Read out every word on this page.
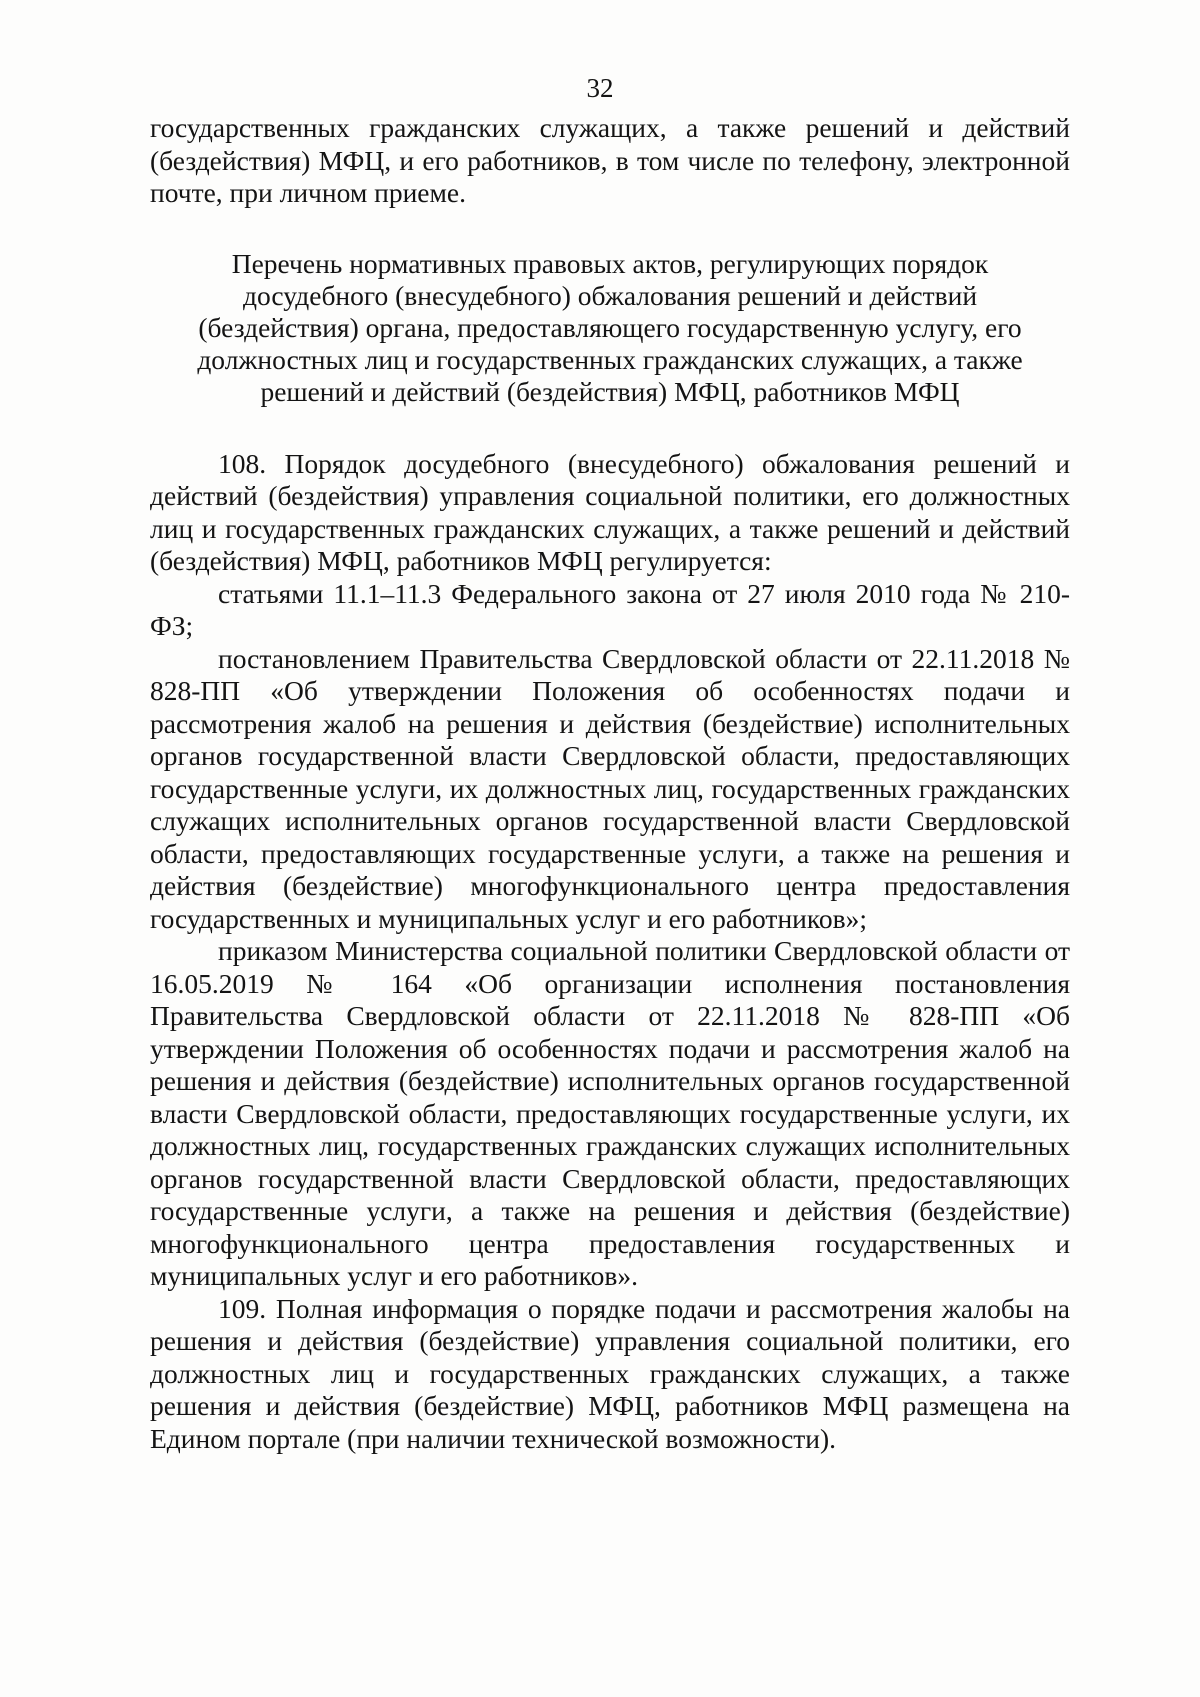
32

государственных гражданских служащих, а также решений и действий (бездействия) МФЦ, и его работников, в том числе по телефону, электронной почте, при личном приеме.

Перечень нормативных правовых актов, регулирующих порядок досудебного (внесудебного) обжалования решений и действий (бездействия) органа, предоставляющего государственную услугу, его должностных лиц и государственных гражданских служащих, а также решений и действий (бездействия) МФЦ, работников МФЦ

108. Порядок досудебного (внесудебного) обжалования решений и действий (бездействия) управления социальной политики, его должностных лиц и государственных гражданских служащих, а также решений и действий (бездействия) МФЦ, работников МФЦ регулируется:

статьями 11.1–11.3 Федерального закона от 27 июля 2010 года № 210-ФЗ;

постановлением Правительства Свердловской области от 22.11.2018 № 828-ПП «Об утверждении Положения об особенностях подачи и рассмотрения жалоб на решения и действия (бездействие) исполнительных органов государственной власти Свердловской области, предоставляющих государственные услуги, их должностных лиц, государственных гражданских служащих исполнительных органов государственной власти Свердловской области, предоставляющих государственные услуги, а также на решения и действия (бездействие) многофункционального центра предоставления государственных и муниципальных услуг и его работников»;

приказом Министерства социальной политики Свердловской области от 16.05.2019 № 164 «Об организации исполнения постановления Правительства Свердловской области от 22.11.2018 № 828-ПП «Об утверждении Положения об особенностях подачи и рассмотрения жалоб на решения и действия (бездействие) исполнительных органов государственной власти Свердловской области, предоставляющих государственные услуги, их должностных лиц, государственных гражданских служащих исполнительных органов государственной власти Свердловской области, предоставляющих государственные услуги, а также на решения и действия (бездействие) многофункционального центра предоставления государственных и муниципальных услуг и его работников».

109. Полная информация о порядке подачи и рассмотрения жалобы на решения и действия (бездействие) управления социальной политики, его должностных лиц и государственных гражданских служащих, а также решения и действия (бездействие) МФЦ, работников МФЦ размещена на Едином портале (при наличии технической возможности).
